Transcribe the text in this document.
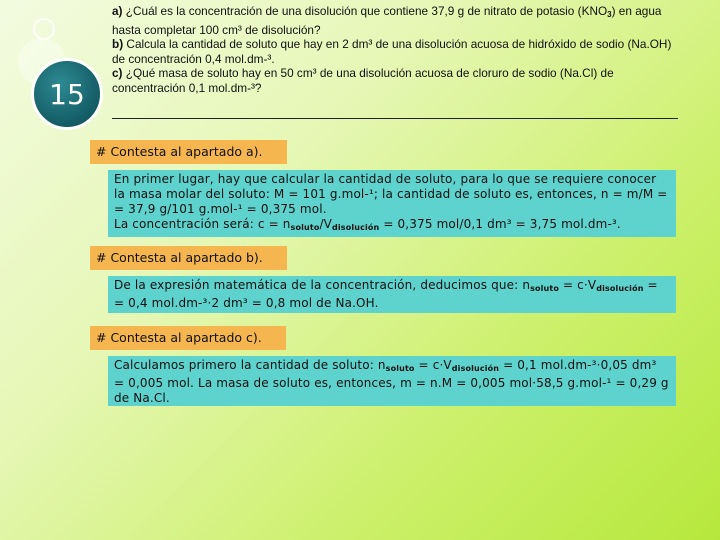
15
a) ¿Cuál es la concentración de una disolución que contiene 37,9 g de nitrato de potasio $(KNO_3)$ en agua hasta completar 100 cm³ de disolución?
b) Calcula la cantidad de soluto que hay en 2 dm³ de una disolución acuosa de hidróxido de sodio (Na.OH) de concentración 0,4 mol.dm-³.
c) ¿Qué masa de soluto hay en 50 cm³ de una disolución acuosa de cloruro de sodio (Na.Cl) de concentración 0,1 mol.dm-³?
# Contesta al apartado a).
En primer lugar, hay que calcular la cantidad de soluto, para lo que se requiere conocer la masa molar del soluto: M = 101 g.mol-¹; la cantidad de soluto es, entonces, n = m/M = = 37,9 g/101 g.mol-¹ = 0,375 mol.
La concentración será: $c = n_{soluto}/V_{disolución} = 0,375$ mol/0,1 dm³ = 3,75 mol.dm-³.
# Contesta al apartado b).
De la expresión matemática de la concentración, deducimos que: $n_{soluto} = c\cdot V_{disolución}$ = = 0,4 mol.dm-³·2 dm³ = 0,8 mol de Na.OH.
# Contesta al apartado c).
Calculamos primero la cantidad de soluto: $n_{soluto} = c\cdot V_{disolución} = 0,1$ mol.dm-³·0,05 dm³ = 0,005 mol. La masa de soluto es, entonces, m = n.M = 0,005 mol·58,5 g.mol-¹ = 0,29 g de Na.Cl.
